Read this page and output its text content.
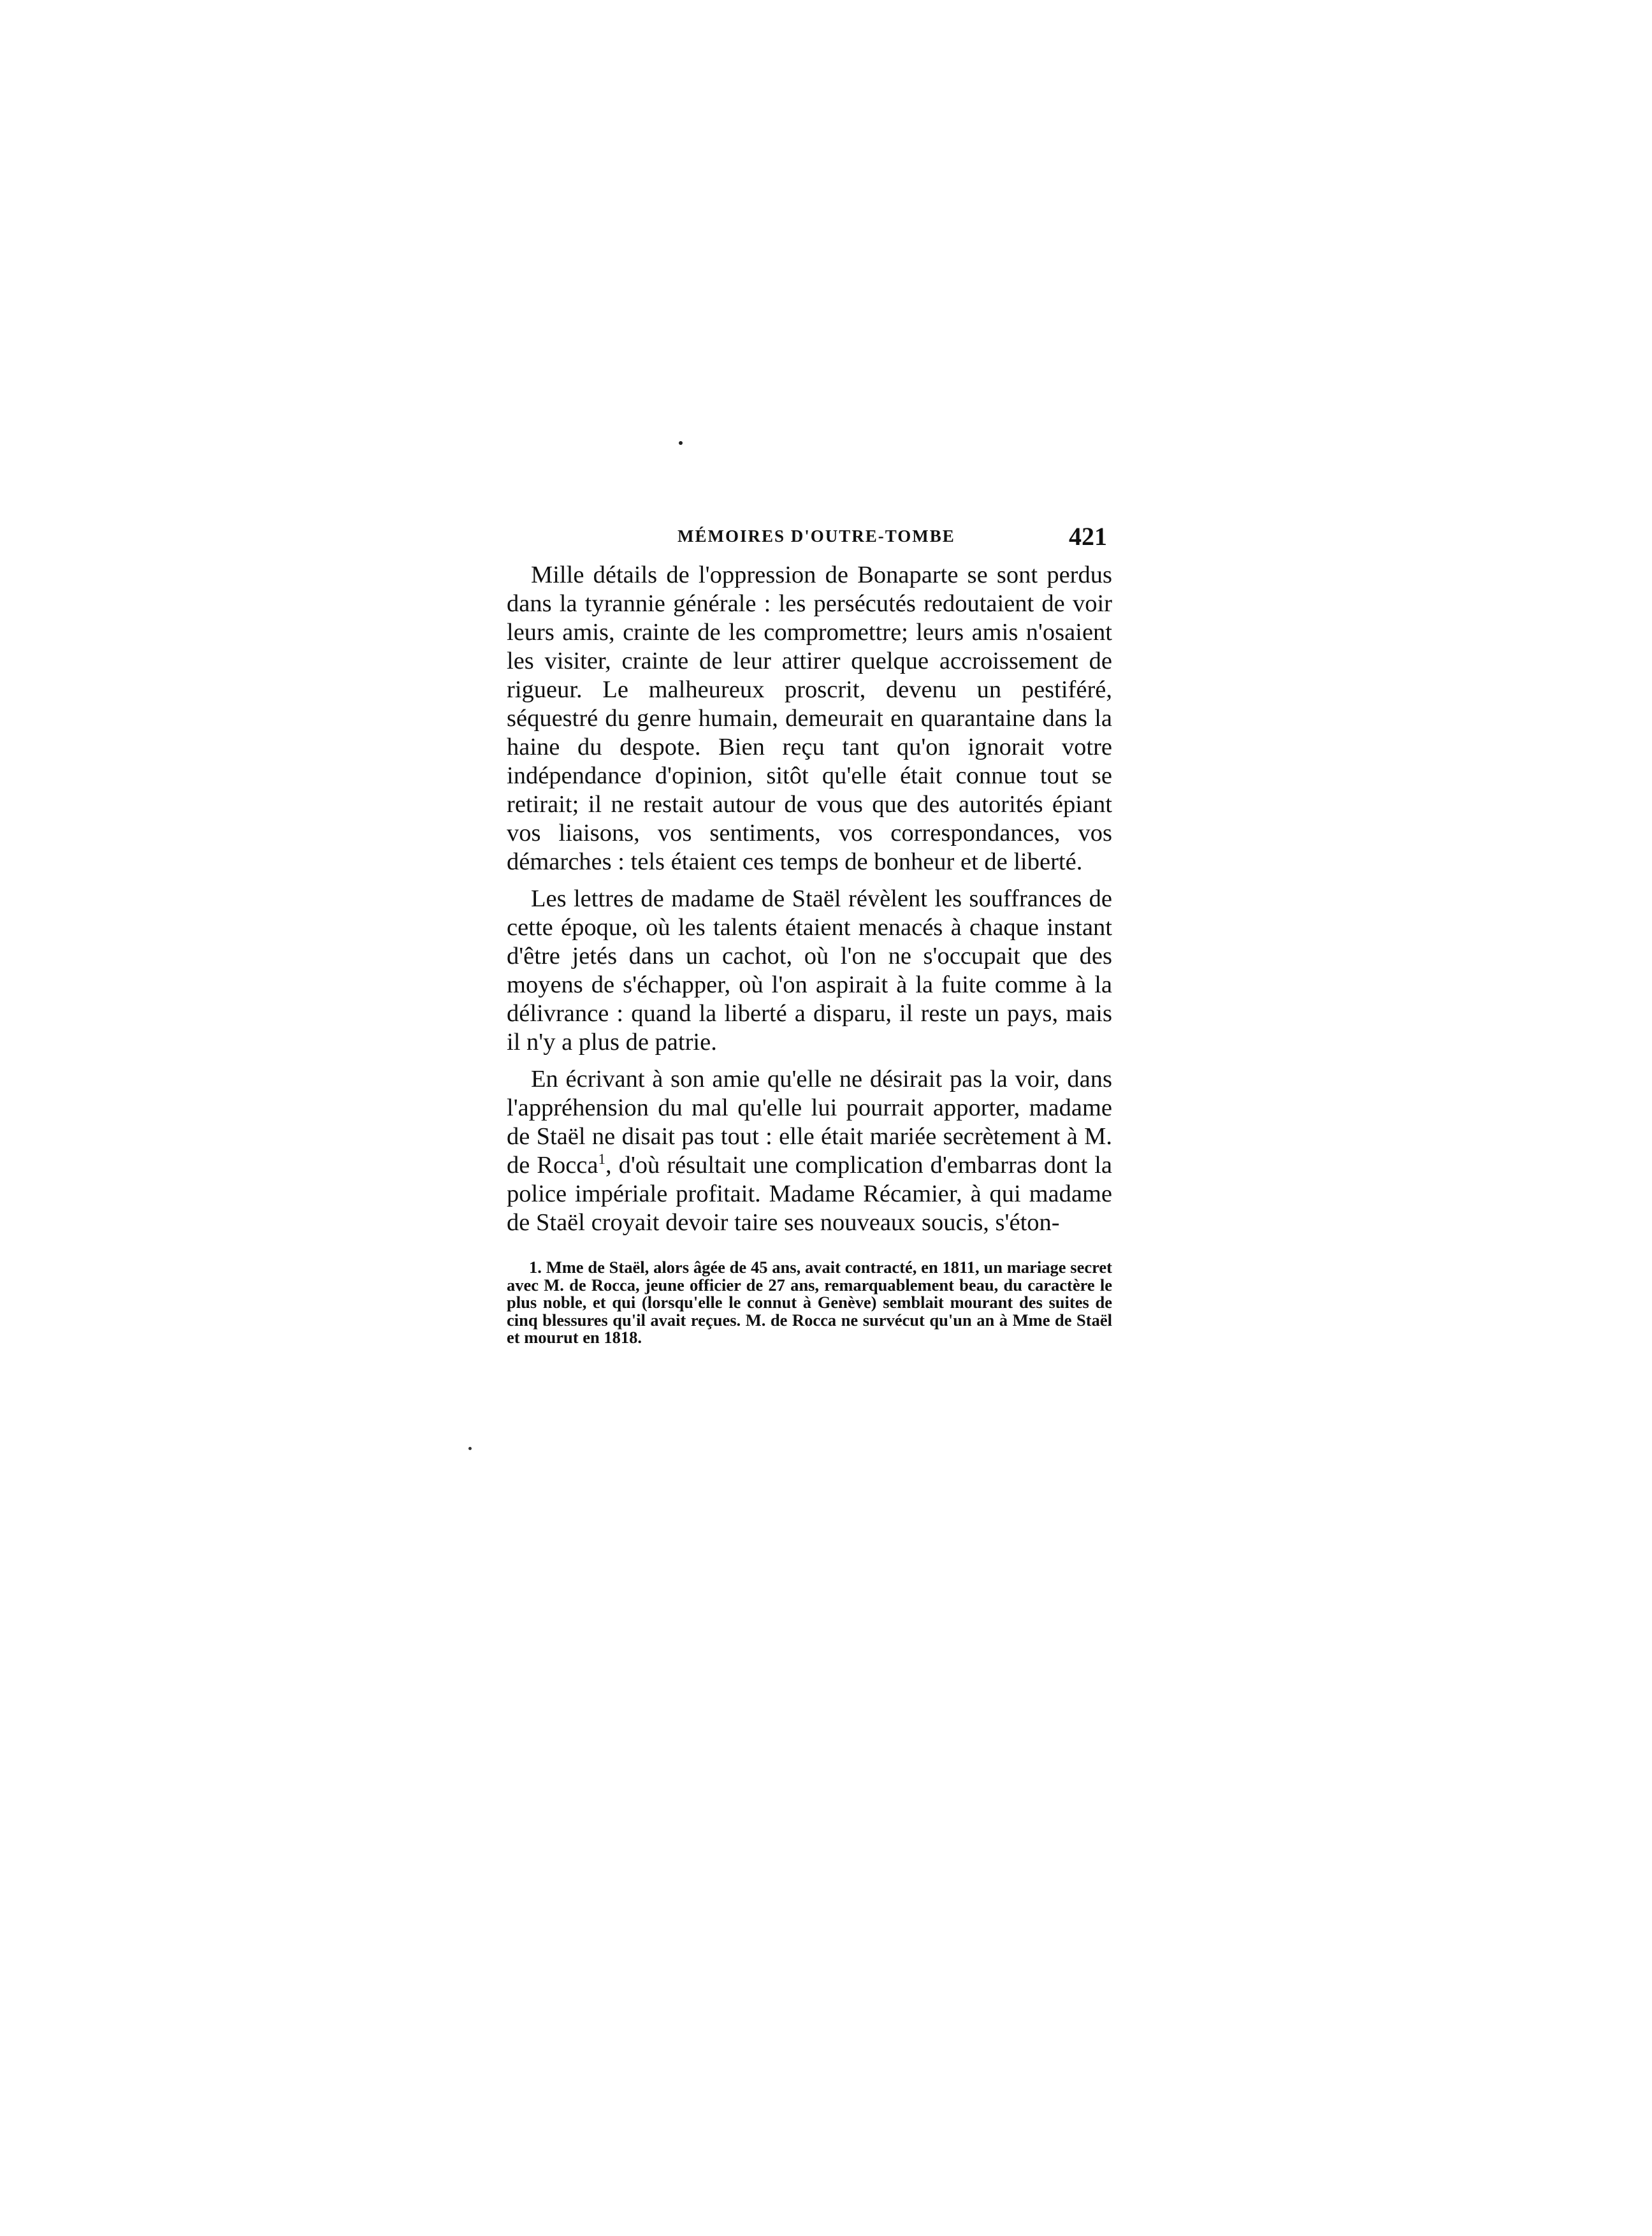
MÉMOIRES D'OUTRE-TOMBE	421

Mille détails de l'oppression de Bonaparte se sont perdus dans la tyrannie générale : les persécutés redoutaient de voir leurs amis, crainte de les compromettre; leurs amis n'osaient les visiter, crainte de leur attirer quelque accroissement de rigueur. Le malheureux proscrit, devenu un pestiféré, séquestré du genre humain, demeurait en quarantaine dans la haine du despote. Bien reçu tant qu'on ignorait votre indépendance d'opinion, sitôt qu'elle était connue tout se retirait; il ne restait autour de vous que des autorités épiant vos liaisons, vos sentiments, vos correspondances, vos démarches : tels étaient ces temps de bonheur et de liberté.

Les lettres de madame de Staël révèlent les souffrances de cette époque, où les talents étaient menacés à chaque instant d'être jetés dans un cachot, où l'on ne s'occupait que des moyens de s'échapper, où l'on aspirait à la fuite comme à la délivrance : quand la liberté a disparu, il reste un pays, mais il n'y a plus de patrie.

En écrivant à son amie qu'elle ne désirait pas la voir, dans l'appréhension du mal qu'elle lui pourrait apporter, madame de Staël ne disait pas tout : elle était mariée secrètement à M. de Rocca$^1$, d'où résultait une complication d'embarras dont la police impériale profitait. Madame Récamier, à qui madame de Staël croyait devoir taire ses nouveaux soucis, s'éton-

1. Mme de Staël, alors âgée de 45 ans, avait contracté, en 1811, un mariage secret avec M. de Rocca, jeune officier de 27 ans, remarquablement beau, du caractère le plus noble, et qui (lorsqu'elle le connut à Genève) semblait mourant des suites de cinq blessures qu'il avait reçues. M. de Rocca ne survécut qu'un an à Mme de Staël et mourut en 1818.
